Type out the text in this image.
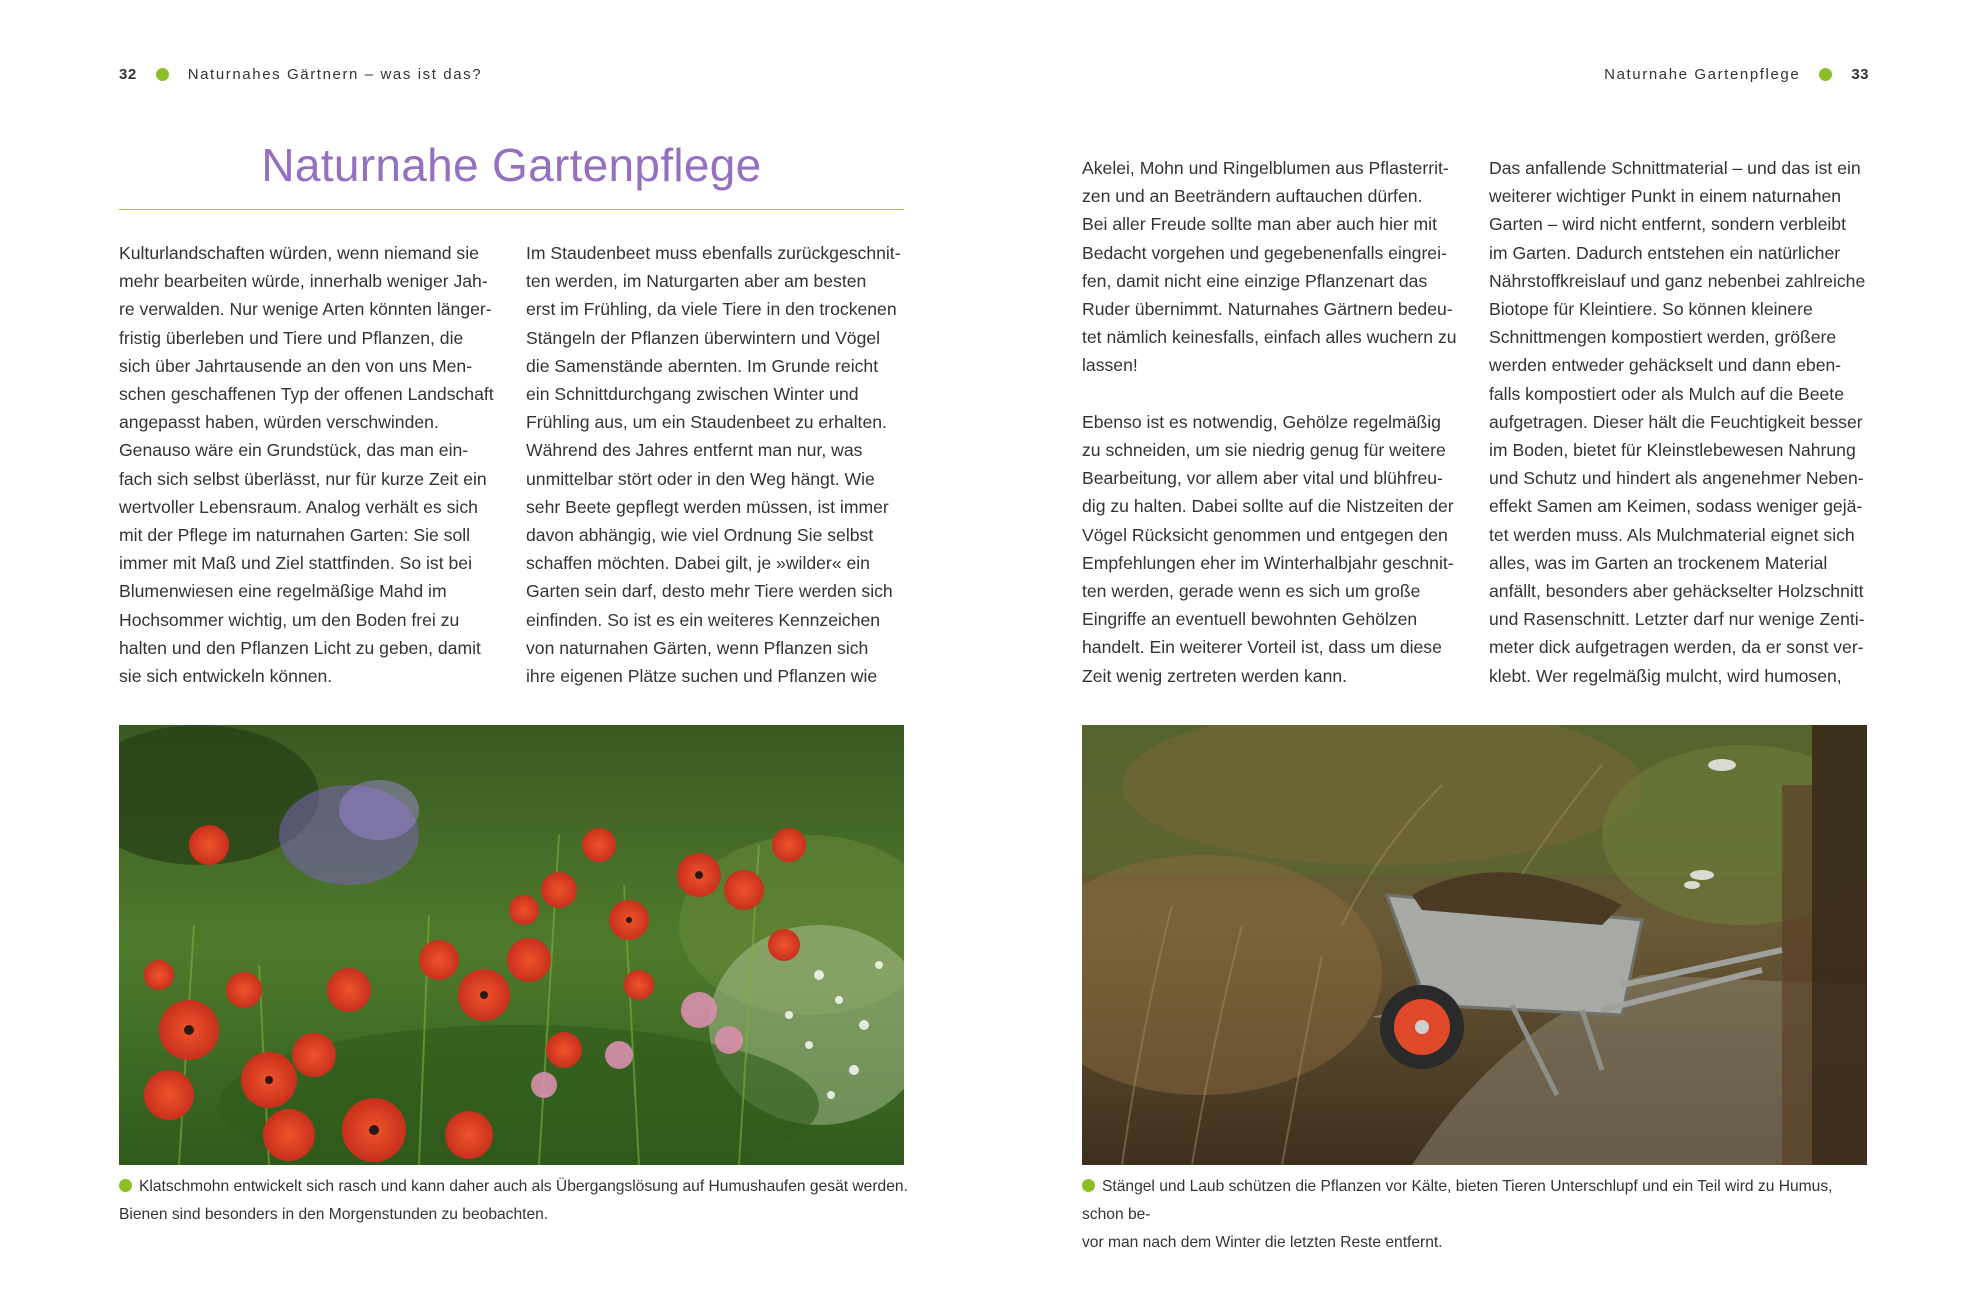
32	Naturnahes Gärtnern – was ist das?	Naturnahe Gartenpflege	33
Naturnahe Gartenpflege

Kulturlandschaften würden, wenn niemand sie
mehr bearbeiten würde, innerhalb weniger Jah-
re verwalden. Nur wenige Arten könnten länger-
fristig überleben und Tiere und Pflanzen, die
sich über Jahrtausende an den von uns Men-
schen geschaffenen Typ der offenen Landschaft
angepasst haben, würden verschwinden.
Genauso wäre ein Grundstück, das man ein-
fach sich selbst überlässt, nur für kurze Zeit ein
wertvoller Lebensraum. Analog verhält es sich
mit der Pflege im naturnahen Garten: Sie soll
immer mit Maß und Ziel stattfinden. So ist bei
Blumenwiesen eine regelmäßige Mahd im
Hochsommer wichtig, um den Boden frei zu
halten und den Pflanzen Licht zu geben, damit
sie sich entwickeln können.

Im Staudenbeet muss ebenfalls zurückgeschnit-
ten werden, im Naturgarten aber am besten
erst im Frühling, da viele Tiere in den trockenen
Stängeln der Pflanzen überwintern und Vögel
die Samenstände abernten. Im Grunde reicht
ein Schnittdurchgang zwischen Winter und
Frühling aus, um ein Staudenbeet zu erhalten.
Während des Jahres entfernt man nur, was
unmittelbar stört oder in den Weg hängt. Wie
sehr Beete gepflegt werden müssen, ist immer
davon abhängig, wie viel Ordnung Sie selbst
schaffen möchten. Dabei gilt, je »wilder« ein
Garten sein darf, desto mehr Tiere werden sich
einfinden. So ist es ein weiteres Kennzeichen
von naturnahen Gärten, wenn Pflanzen sich
ihre eigenen Plätze suchen und Pflanzen wie

Akelei, Mohn und Ringelblumen aus Pflasterrit-
zen und an Beeträndern auftauchen dürfen.
Bei aller Freude sollte man aber auch hier mit
Bedacht vorgehen und gegebenenfalls eingrei-
fen, damit nicht eine einzige Pflanzenart das
Ruder übernimmt. Naturnahes Gärtnern bedeu-
tet nämlich keinesfalls, einfach alles wuchern zu
lassen!

Ebenso ist es notwendig, Gehölze regelmäßig
zu schneiden, um sie niedrig genug für weitere
Bearbeitung, vor allem aber vital und blühfreu-
dig zu halten. Dabei sollte auf die Nistzeiten der
Vögel Rücksicht genommen und entgegen den
Empfehlungen eher im Winterhalbjahr geschnit-
ten werden, gerade wenn es sich um große
Eingriffe an eventuell bewohnten Gehölzen
handelt. Ein weiterer Vorteil ist, dass um diese
Zeit wenig zertreten werden kann.

Das anfallende Schnittmaterial – und das ist ein
weiterer wichtiger Punkt in einem naturnahen
Garten – wird nicht entfernt, sondern verbleibt
im Garten. Dadurch entstehen ein natürlicher
Nährstoffkreislauf und ganz nebenbei zahlreiche
Biotope für Kleintiere. So können kleinere
Schnittmengen kompostiert werden, größere
werden entweder gehäckselt und dann eben-
falls kompostiert oder als Mulch auf die Beete
aufgetragen. Dieser hält die Feuchtigkeit besser
im Boden, bietet für Kleinstlebewesen Nahrung
und Schutz und hindert als angenehmer Neben-
effekt Samen am Keimen, sodass weniger gejä-
tet werden muss. Als Mulchmaterial eignet sich
alles, was im Garten an trockenem Material
anfällt, besonders aber gehäckselter Holzschnitt
und Rasenschnitt. Letzter darf nur wenige Zenti-
meter dick aufgetragen werden, da er sonst ver-
klebt. Wer regelmäßig mulcht, wird humosen,

Klatschmohn entwickelt sich rasch und kann daher auch als Übergangslösung auf Humushaufen gesät werden.
Bienen sind besonders in den Morgenstunden zu beobachten.

Stängel und Laub schützen die Pflanzen vor Kälte, bieten Tieren Unterschlupf und ein Teil wird zu Humus, schon be-
vor man nach dem Winter die letzten Reste entfernt.
